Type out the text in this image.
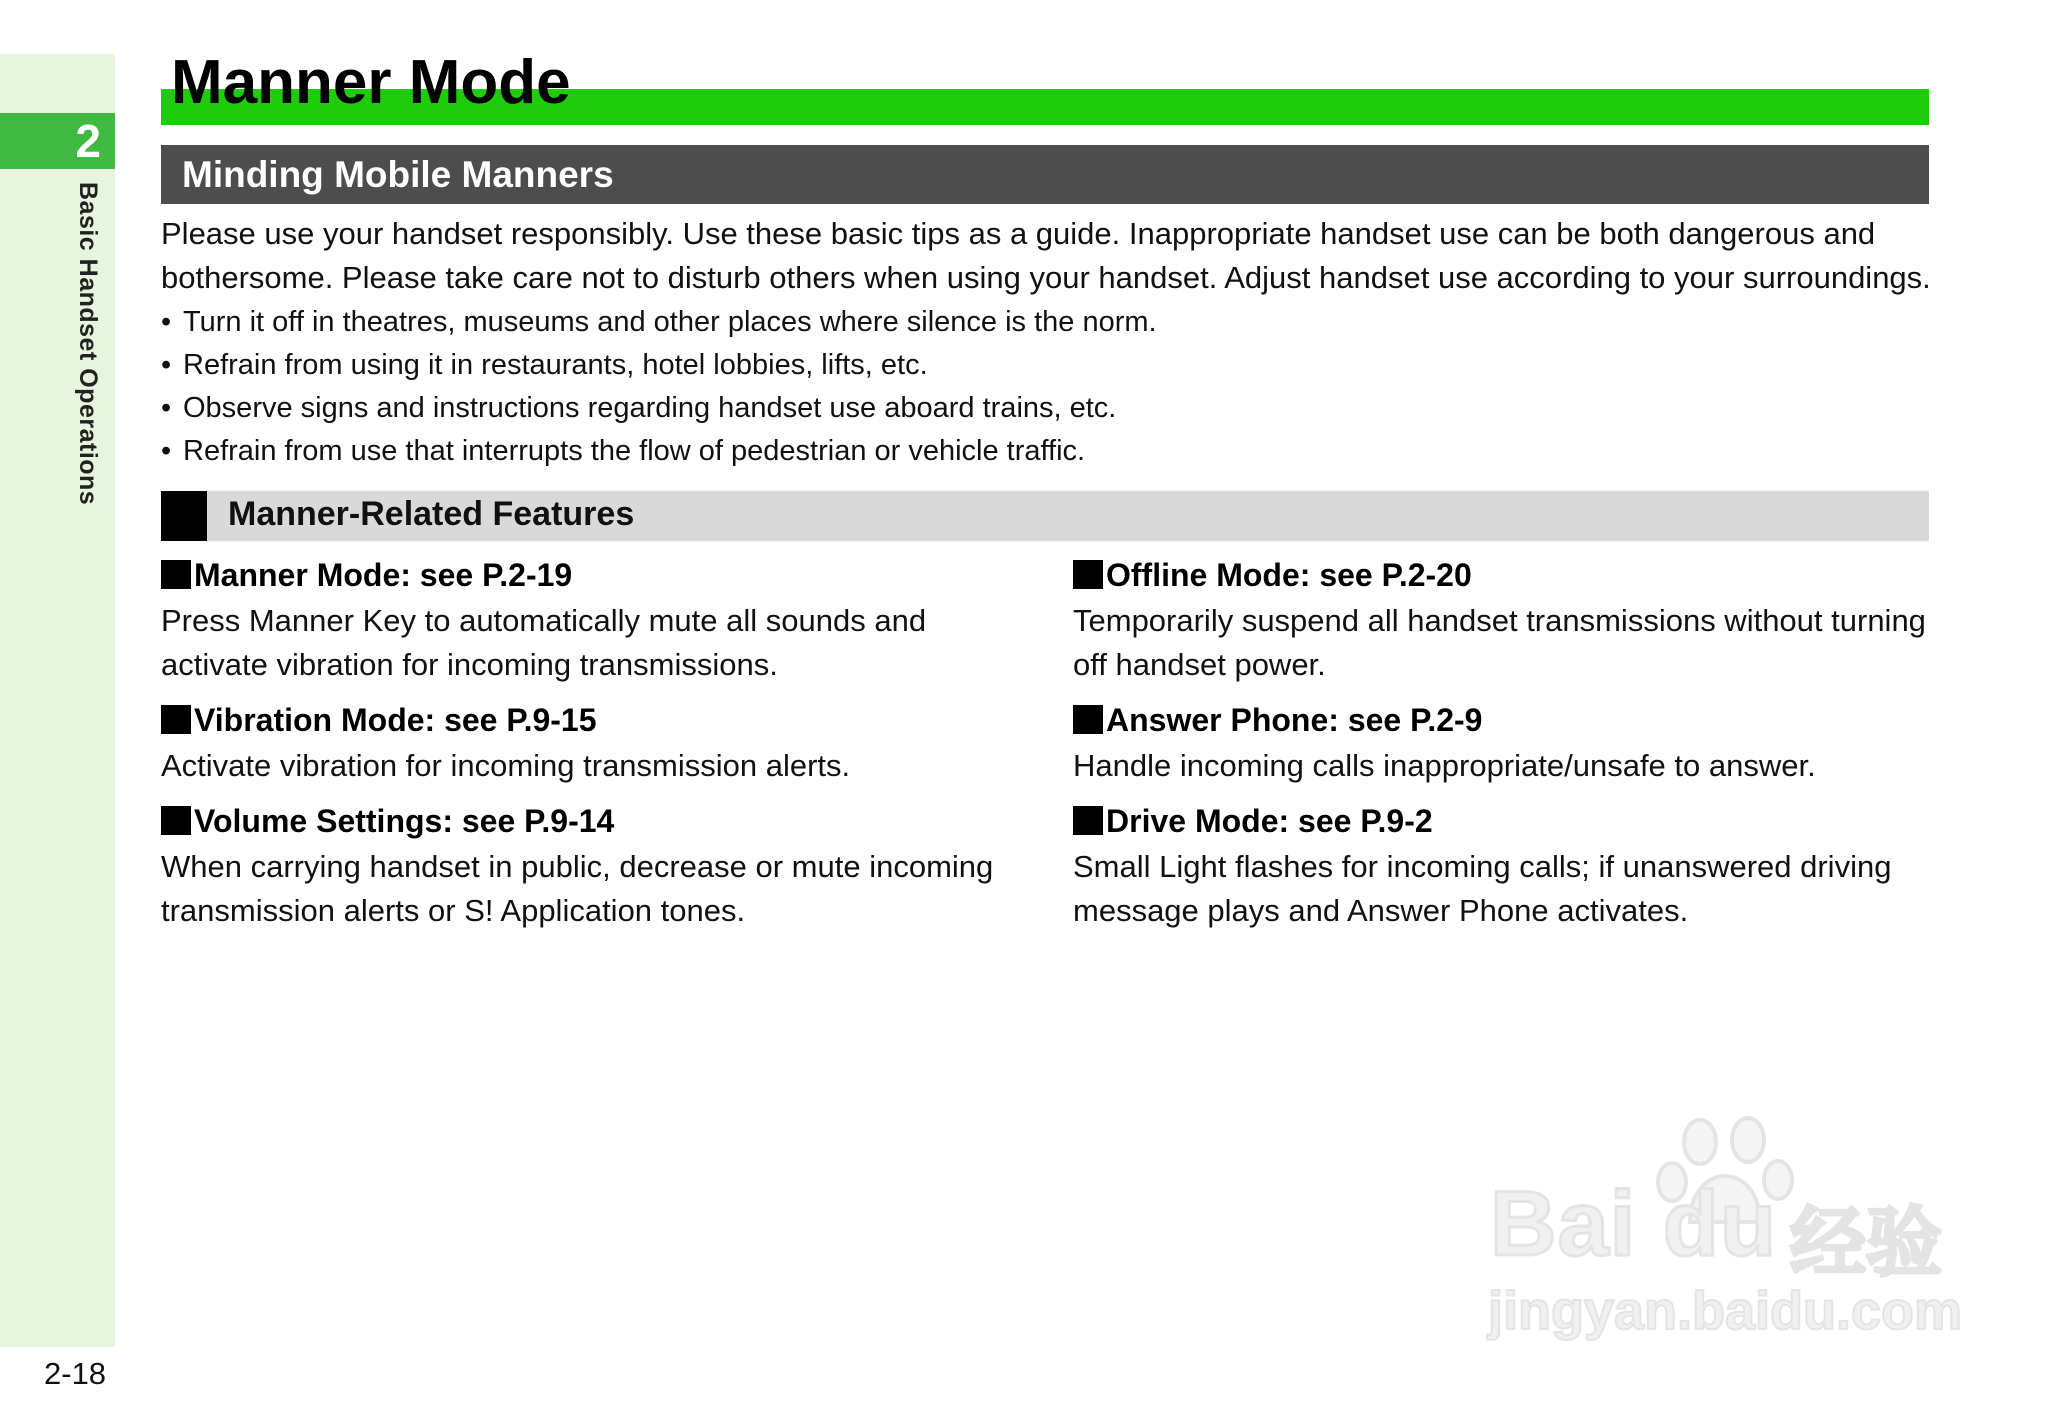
2
Basic Handset Operations
2-18
Manner Mode
Minding Mobile Manners

Please use your handset responsibly. Use these basic tips as a guide. Inappropriate handset use can be both dangerous and bothersome. Please take care not to disturb others when using your handset. Adjust handset use according to your surroundings.

• Turn it off in theatres, museums and other places where silence is the norm.
• Refrain from using it in restaurants, hotel lobbies, lifts, etc.
• Observe signs and instructions regarding handset use aboard trains, etc.
• Refrain from use that interrupts the flow of pedestrian or vehicle traffic.
Manner-Related Features
Manner Mode: see P.2-19
Press Manner Key to automatically mute all sounds and activate vibration for incoming transmissions.
Vibration Mode: see P.9-15
Activate vibration for incoming transmission alerts.
Volume Settings: see P.9-14
When carrying handset in public, decrease or mute incoming transmission alerts or S! Application tones.
Offline Mode: see P.2-20
Temporarily suspend all handset transmissions without turning off handset power.
Answer Phone: see P.2-9
Handle incoming calls inappropriate/unsafe to answer.
Drive Mode: see P.9-2
Small Light flashes for incoming calls; if unanswered driving message plays and Answer Phone activates.
Bai du 经验
jingyan.baidu.com
